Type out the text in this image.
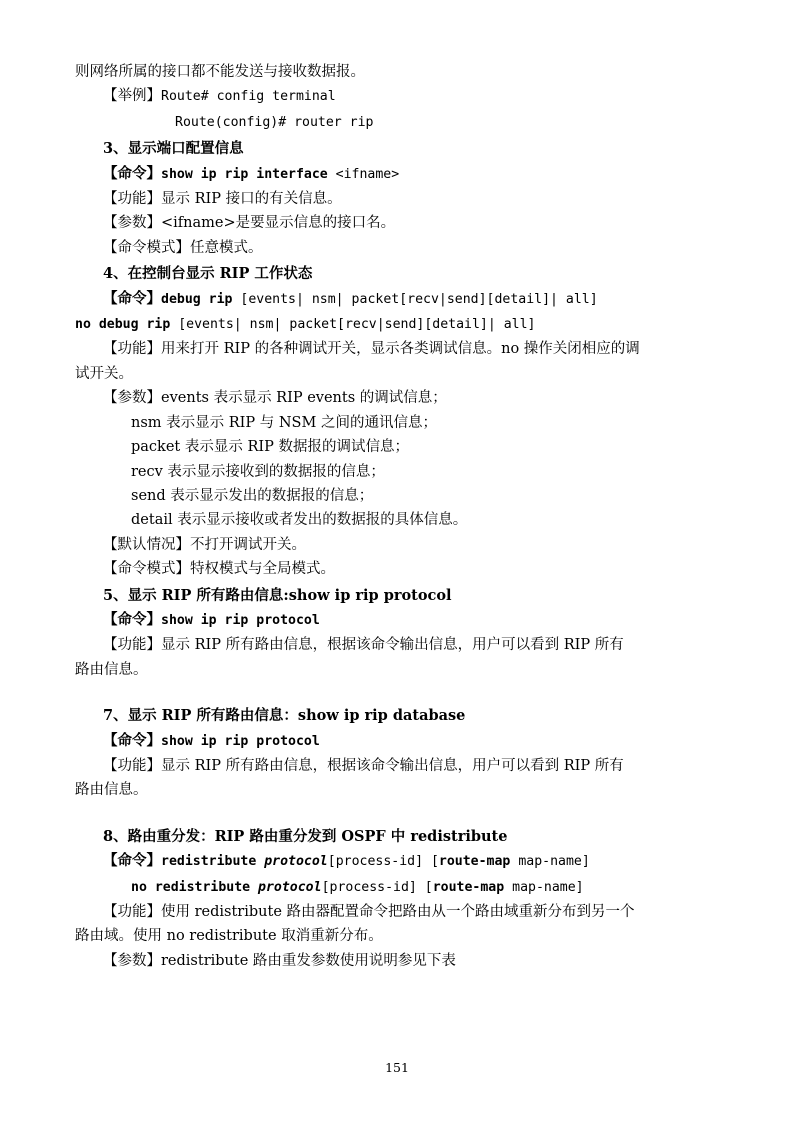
则网络所属的接口都不能发送与接收数据报。
【举例】Route# config terminal
Route(config)# router rip
3、显示端口配置信息
【命令】show ip rip interface <ifname>
【功能】显示 RIP 接口的有关信息。
【参数】<ifname>是要显示信息的接口名。
【命令模式】任意模式。
4、在控制台显示 RIP 工作状态
【命令】debug rip [events| nsm| packet[recv|send][detail]| all]
no debug rip [events| nsm| packet[recv|send][detail]| all]
【功能】用来打开 RIP 的各种调试开关，显示各类调试信息。no 操作关闭相应的调
试开关。
【参数】events 表示显示 RIP events 的调试信息；
nsm 表示显示 RIP 与 NSM 之间的通讯信息；
packet 表示显示 RIP 数据报的调试信息；
recv 表示显示接收到的数据报的信息；
send 表示显示发出的数据报的信息；
detail 表示显示接收或者发出的数据报的具体信息。
【默认情况】不打开调试开关。
【命令模式】特权模式与全局模式。
5、显示 RIP 所有路由信息:show ip rip protocol
【命令】show ip rip protocol
【功能】显示 RIP 所有路由信息，根据该命令输出信息，用户可以看到 RIP 所有
路由信息。
7、显示 RIP 所有路由信息：show ip rip database
【命令】show ip rip protocol
【功能】显示 RIP 所有路由信息，根据该命令输出信息，用户可以看到 RIP 所有
路由信息。
8、路由重分发：RIP 路由重分发到 OSPF 中 redistribute
【命令】redistribute protocol[process-id] [route-map map-name]
no redistribute protocol[process-id] [route-map map-name]
【功能】使用 redistribute 路由器配置命令把路由从一个路由域重新分布到另一个
路由域。使用 no redistribute 取消重新分布。
【参数】redistribute 路由重发参数使用说明参见下表
151
